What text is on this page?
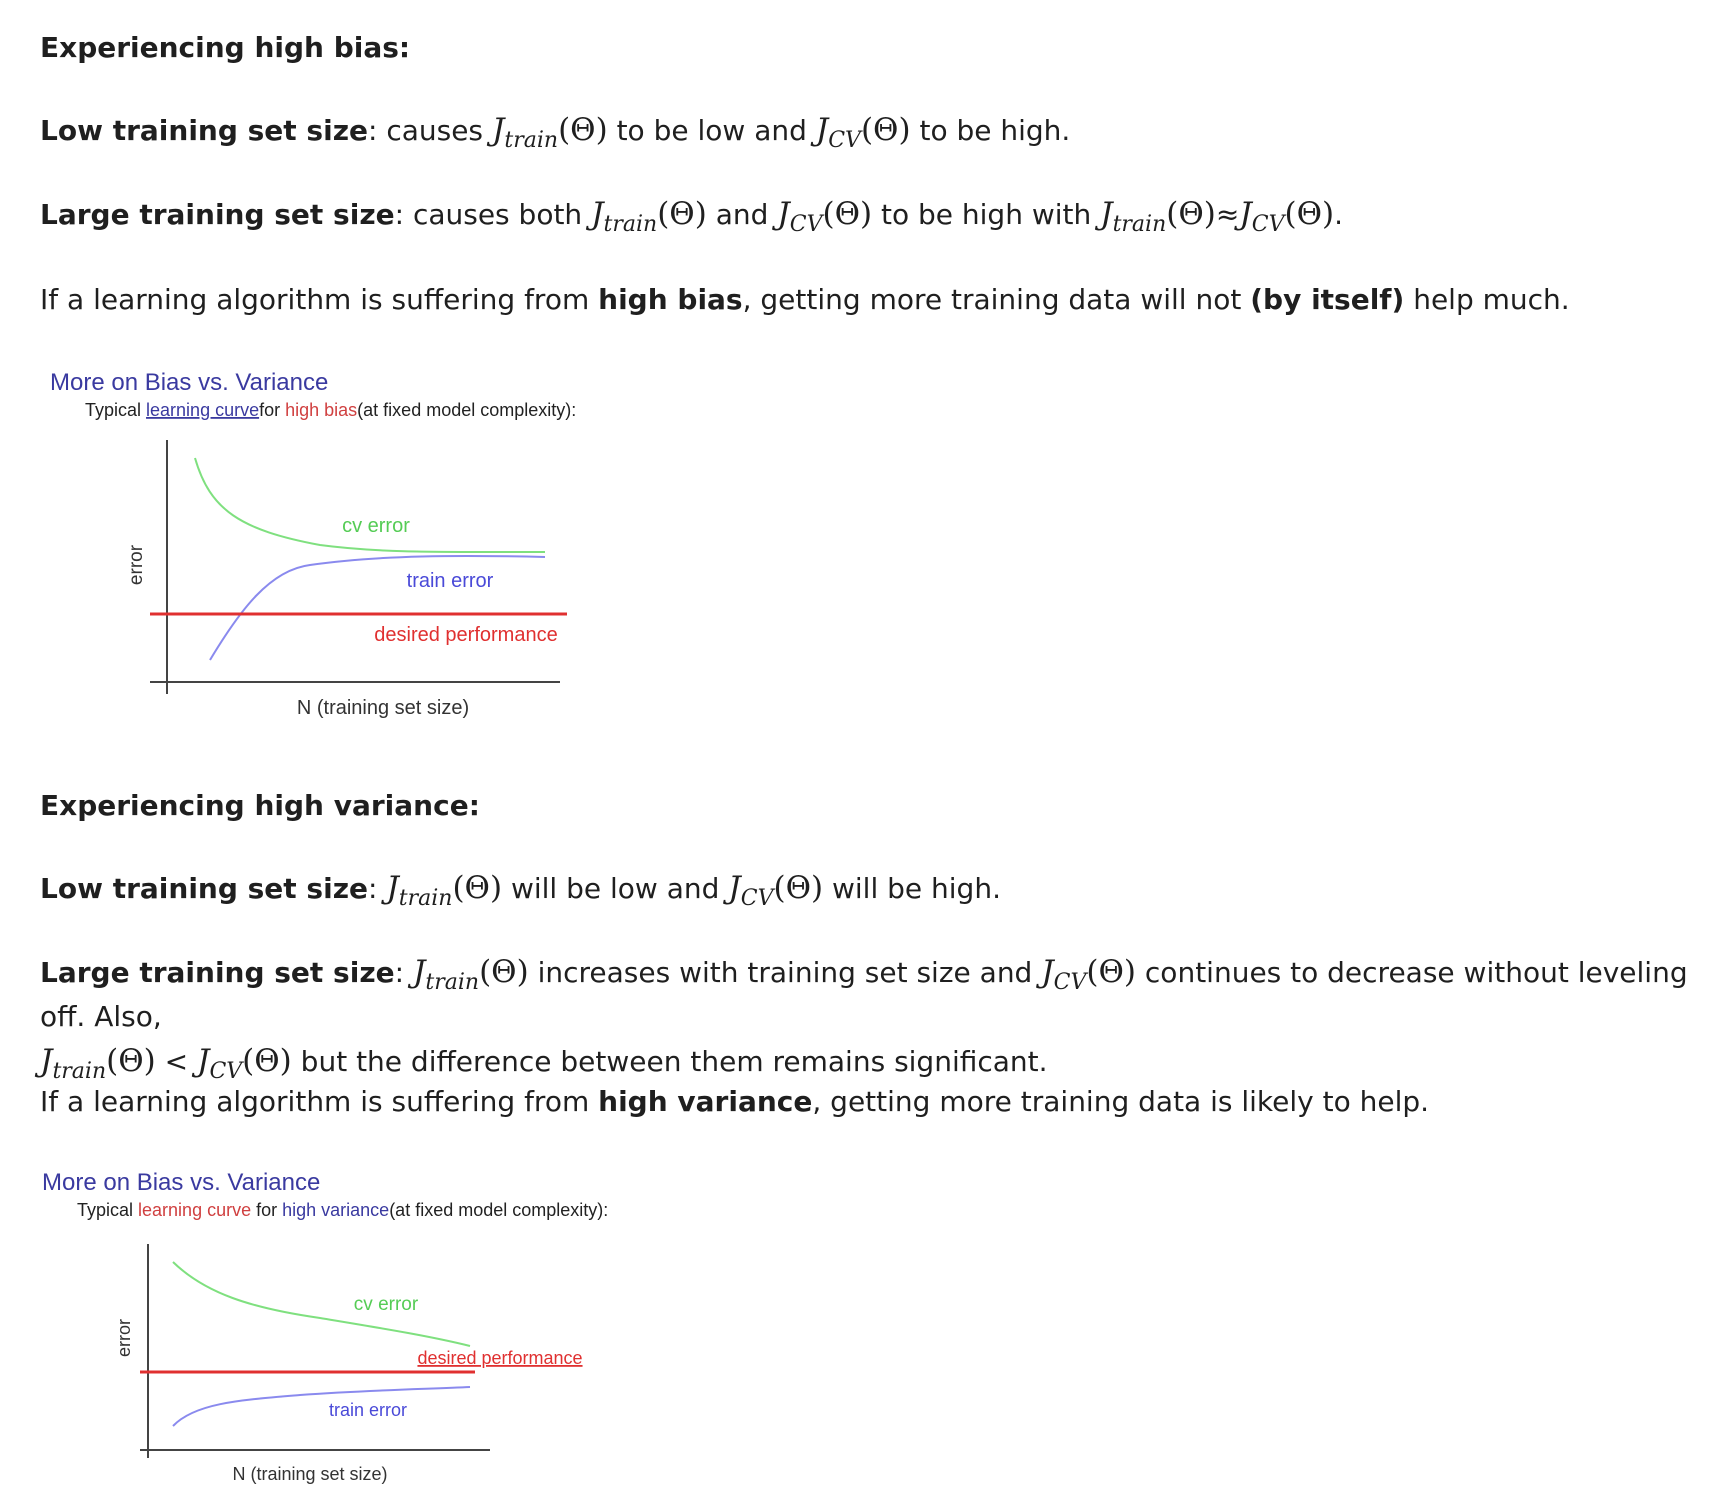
Experiencing high bias:
Low training set size: causes $J_{train}(\Theta)$ to be low and $J_{CV}(\Theta)$ to be high.
Large training set size: causes both $J_{train}(\Theta)$ and $J_{CV}(\Theta)$ to be high with $J_{train}(\Theta)\approx J_{CV}(\Theta)$.
If a learning algorithm is suffering from high bias, getting more training data will not (by itself) help much.
More on Bias vs. Variance
Typical learning curvefor high bias(at fixed model complexity):
error
N (training set size)
cv error
train error
desired performance
Experiencing high variance:
Low training set size: $J_{train}(\Theta)$ will be low and $J_{CV}(\Theta)$ will be high.
Large training set size: $J_{train}(\Theta)$ increases with training set size and $J_{CV}(\Theta)$ continues to decrease without leveling off. Also,
$J_{train}(\Theta) < J_{CV}(\Theta)$ but the difference between them remains significant.
If a learning algorithm is suffering from high variance, getting more training data is likely to help.
More on Bias vs. Variance
Typical learning curve for high variance(at fixed model complexity):
error
N (training set size)
cv error
train error
desired performance
